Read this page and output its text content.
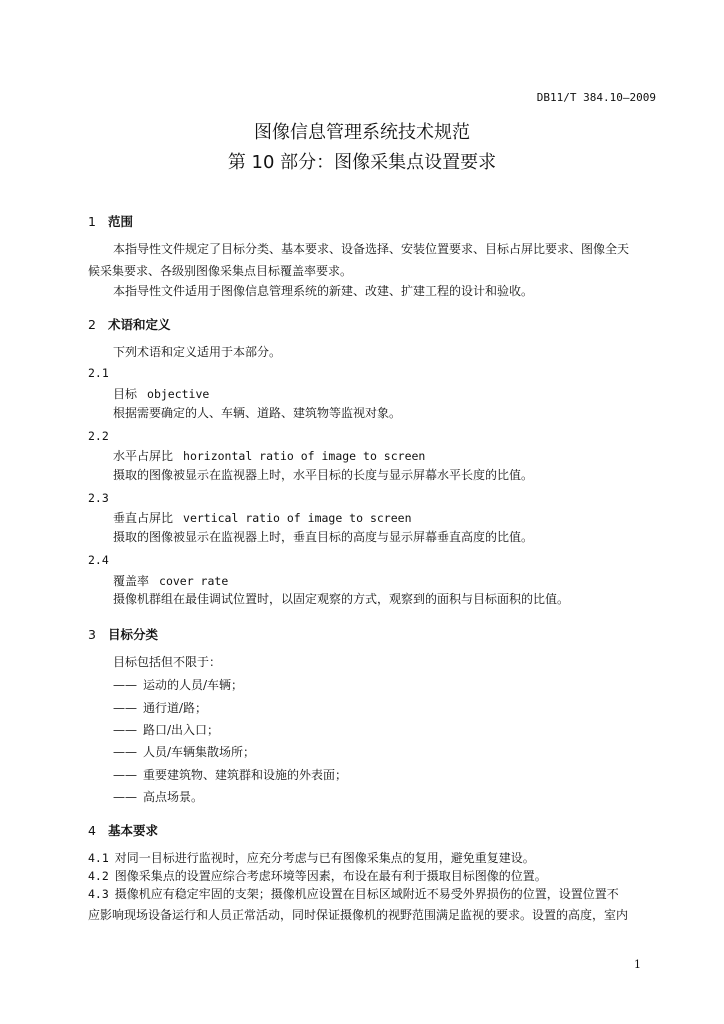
DB11/T 384.10—2009
图像信息管理系统技术规范
第 10 部分：图像采集点设置要求
1 范围
本指导性文件规定了目标分类、基本要求、设备选择、安装位置要求、目标占屏比要求、图像全天
候采集要求、各级别图像采集点目标覆盖率要求。
本指导性文件适用于图像信息管理系统的新建、改建、扩建工程的设计和验收。
2 术语和定义
下列术语和定义适用于本部分。
2.1
目标 objective
根据需要确定的人、车辆、道路、建筑物等监视对象。
2.2
水平占屏比 horizontal ratio of image to screen
摄取的图像被显示在监视器上时，水平目标的长度与显示屏幕水平长度的比值。
2.3
垂直占屏比 vertical ratio of image to screen
摄取的图像被显示在监视器上时，垂直目标的高度与显示屏幕垂直高度的比值。
2.4
覆盖率 cover rate
摄像机群组在最佳调试位置时，以固定观察的方式，观察到的面积与目标面积的比值。
3 目标分类
目标包括但不限于：
—— 运动的人员/车辆；
—— 通行道/路；
—— 路口/出入口；
—— 人员/车辆集散场所；
—— 重要建筑物、建筑群和设施的外表面；
—— 高点场景。
4 基本要求
4.1 对同一目标进行监视时，应充分考虑与已有图像采集点的复用，避免重复建设。
4.2 图像采集点的设置应综合考虑环境等因素，布设在最有利于摄取目标图像的位置。
4.3 摄像机应有稳定牢固的支架；摄像机应设置在目标区域附近不易受外界损伤的位置，设置位置不
应影响现场设备运行和人员正常活动，同时保证摄像机的视野范围满足监视的要求。设置的高度，室内
1
